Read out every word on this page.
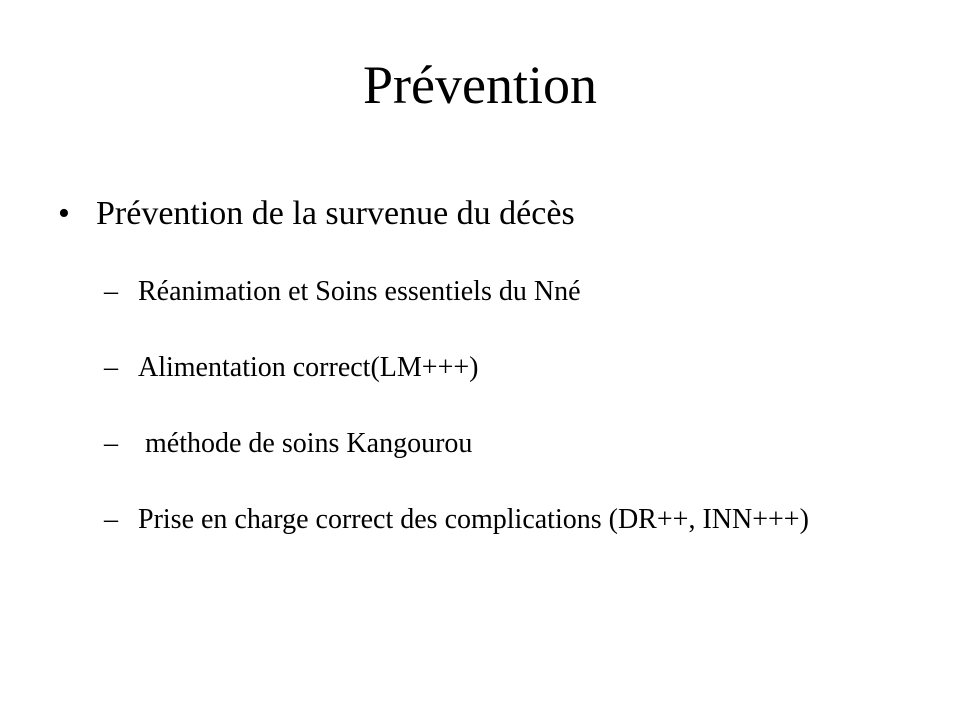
Prévention
• Prévention de la survenue du décès
– Réanimation et Soins essentiels du Nné
– Alimentation correct(LM+++)
– méthode de soins Kangourou
– Prise en charge correct des complications (DR++, INN+++)
